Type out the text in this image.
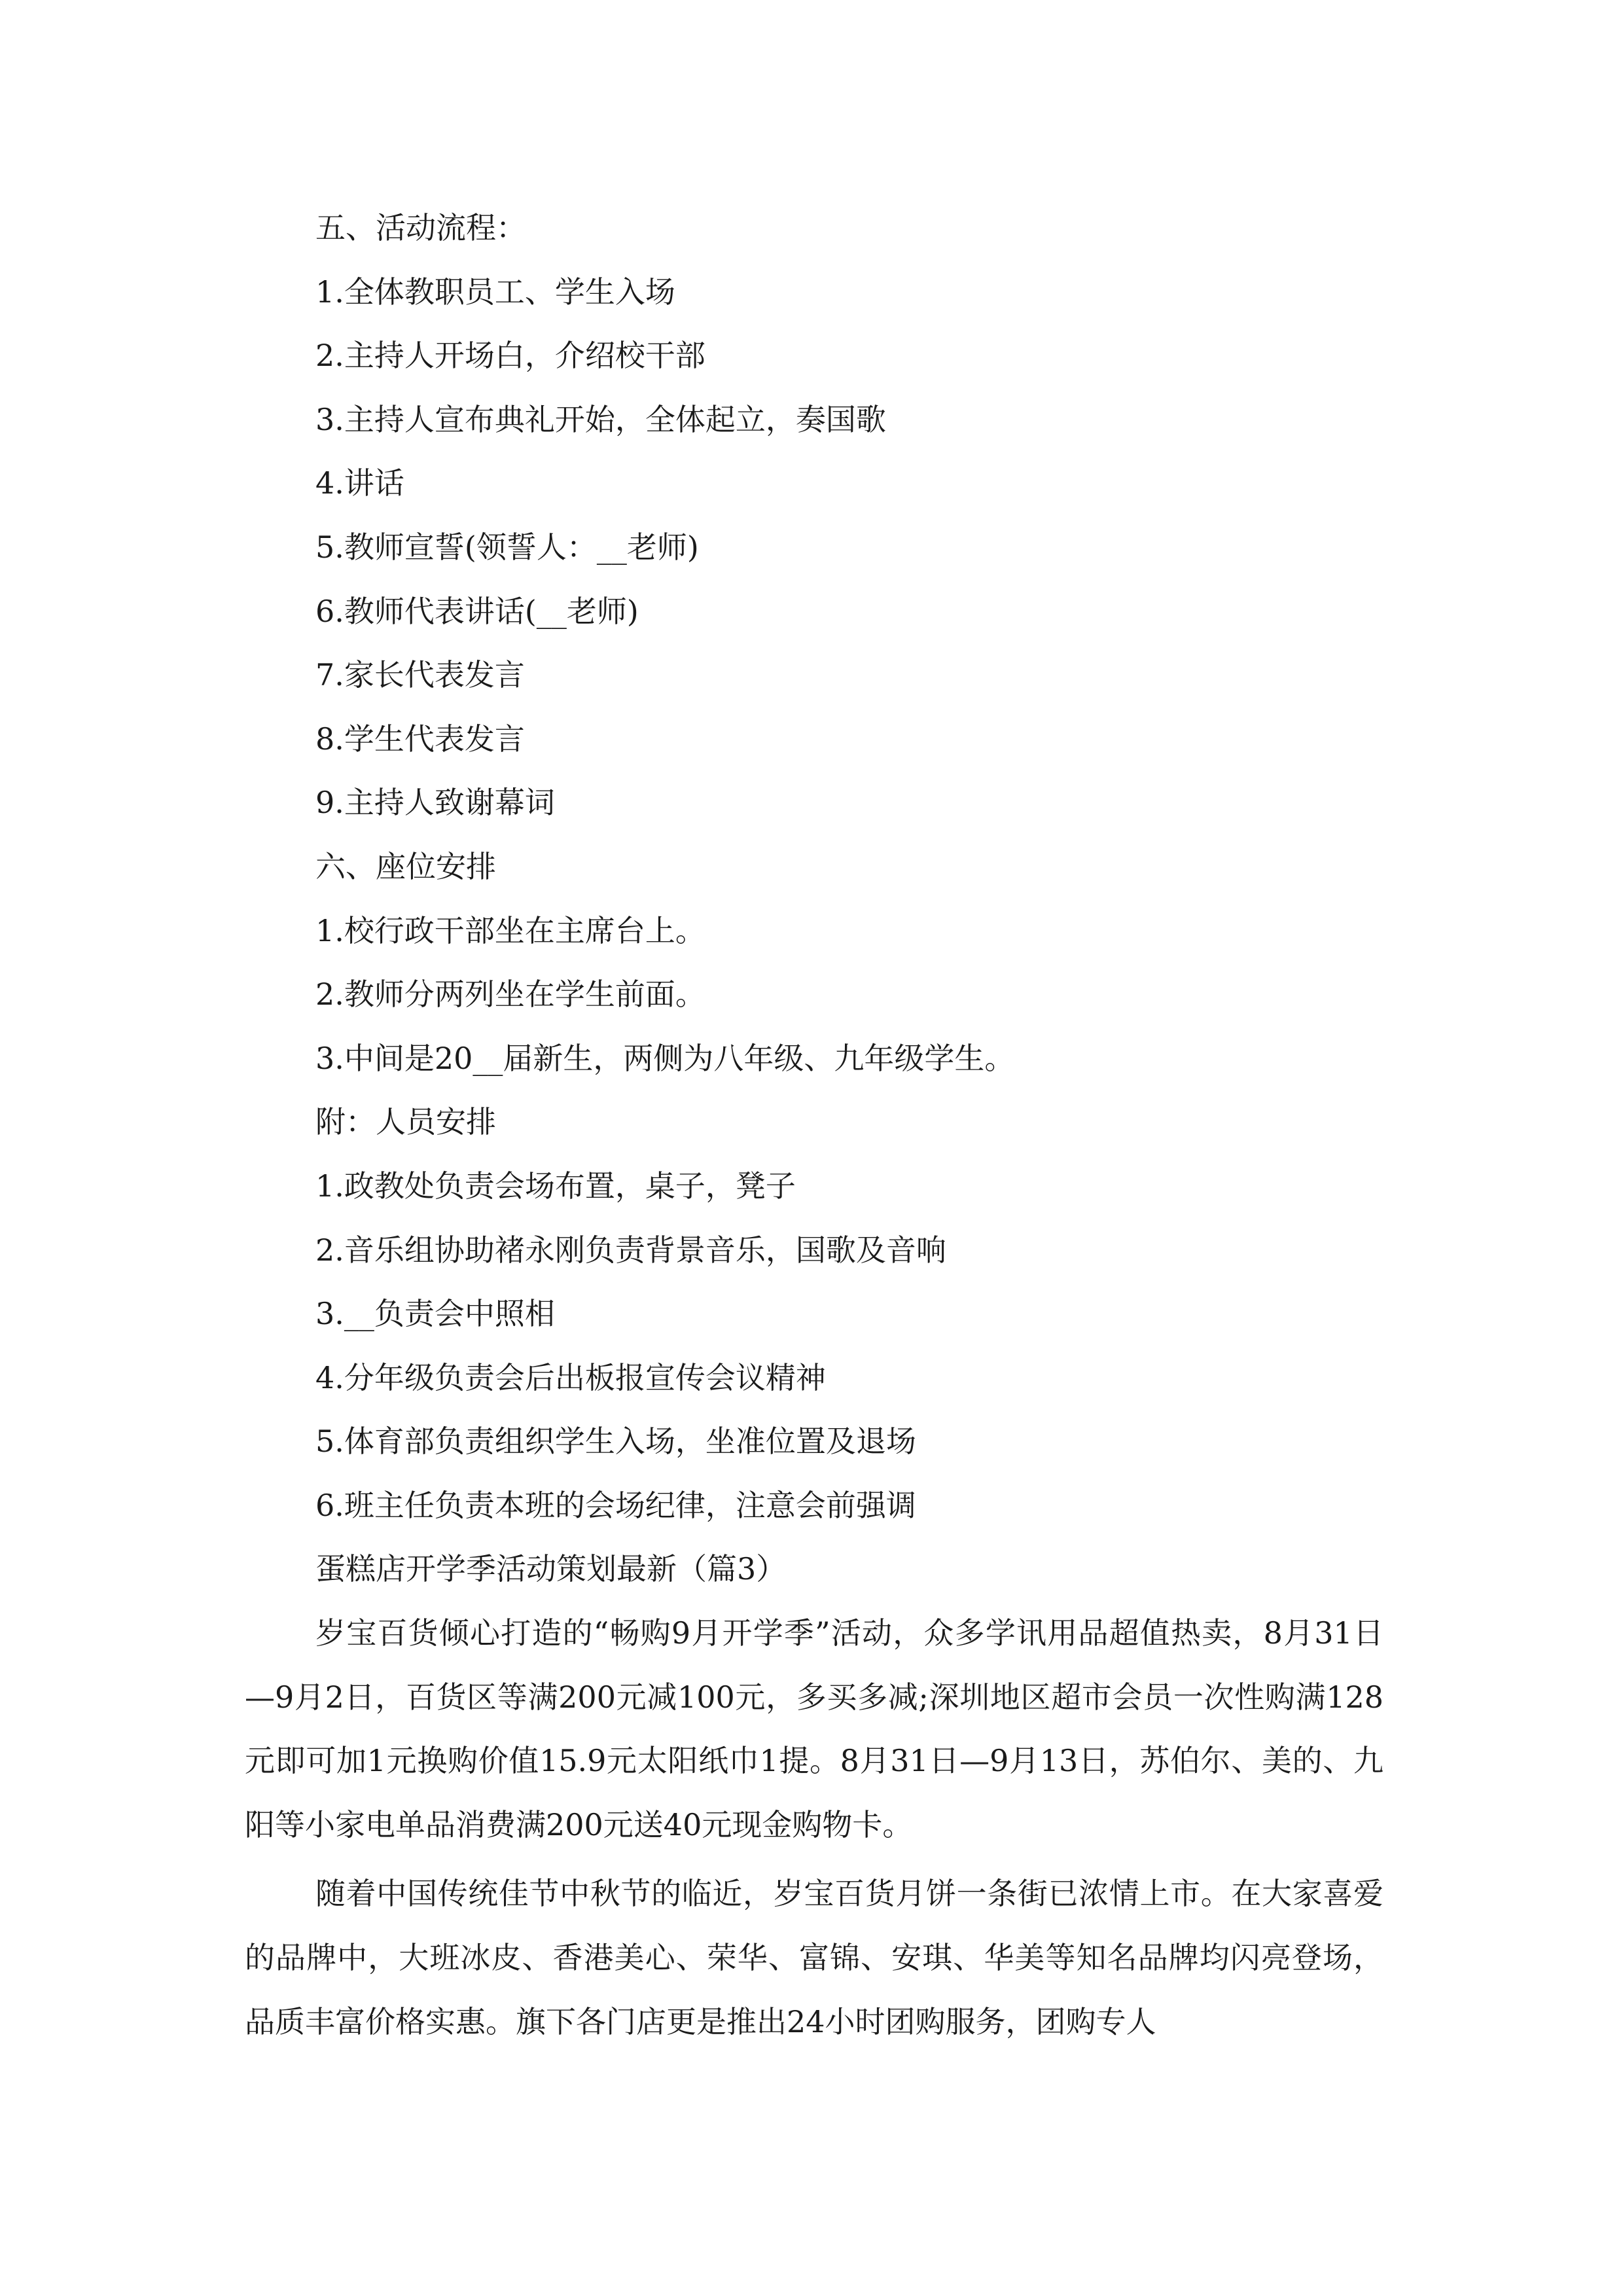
五、活动流程：
1.全体教职员工、学生入场
2.主持人开场白，介绍校干部
3.主持人宣布典礼开始，全体起立，奏国歌
4.讲话
5.教师宣誓(领誓人：__老师)
6.教师代表讲话(__老师)
7.家长代表发言
8.学生代表发言
9.主持人致谢幕词
六、座位安排
1.校行政干部坐在主席台上。
2.教师分两列坐在学生前面。
3.中间是20__届新生，两侧为八年级、九年级学生。
附：人员安排
1.政教处负责会场布置，桌子，凳子
2.音乐组协助褚永刚负责背景音乐，国歌及音响
3.__负责会中照相
4.分年级负责会后出板报宣传会议精神
5.体育部负责组织学生入场，坐准位置及退场
6.班主任负责本班的会场纪律，注意会前强调
蛋糕店开学季活动策划最新（篇3）

岁宝百货倾心打造的“畅购9月开学季”活动，众多学讯用品超值热卖，8月31日—9月2日，百货区等满200元减100元，多买多减;深圳地区超市会员一次性购满128元即可加1元换购价值15.9元太阳纸巾1提。8月31日—9月13日，苏伯尔、美的、九阳等小家电单品消费满200元送40元现金购物卡。

随着中国传统佳节中秋节的临近，岁宝百货月饼一条街已浓情上市。在大家喜爱的品牌中，大班冰皮、香港美心、荣华、富锦、安琪、华美等知名品牌均闪亮登场，品质丰富价格实惠。旗下各门店更是推出24小时团购服务，团购专人
